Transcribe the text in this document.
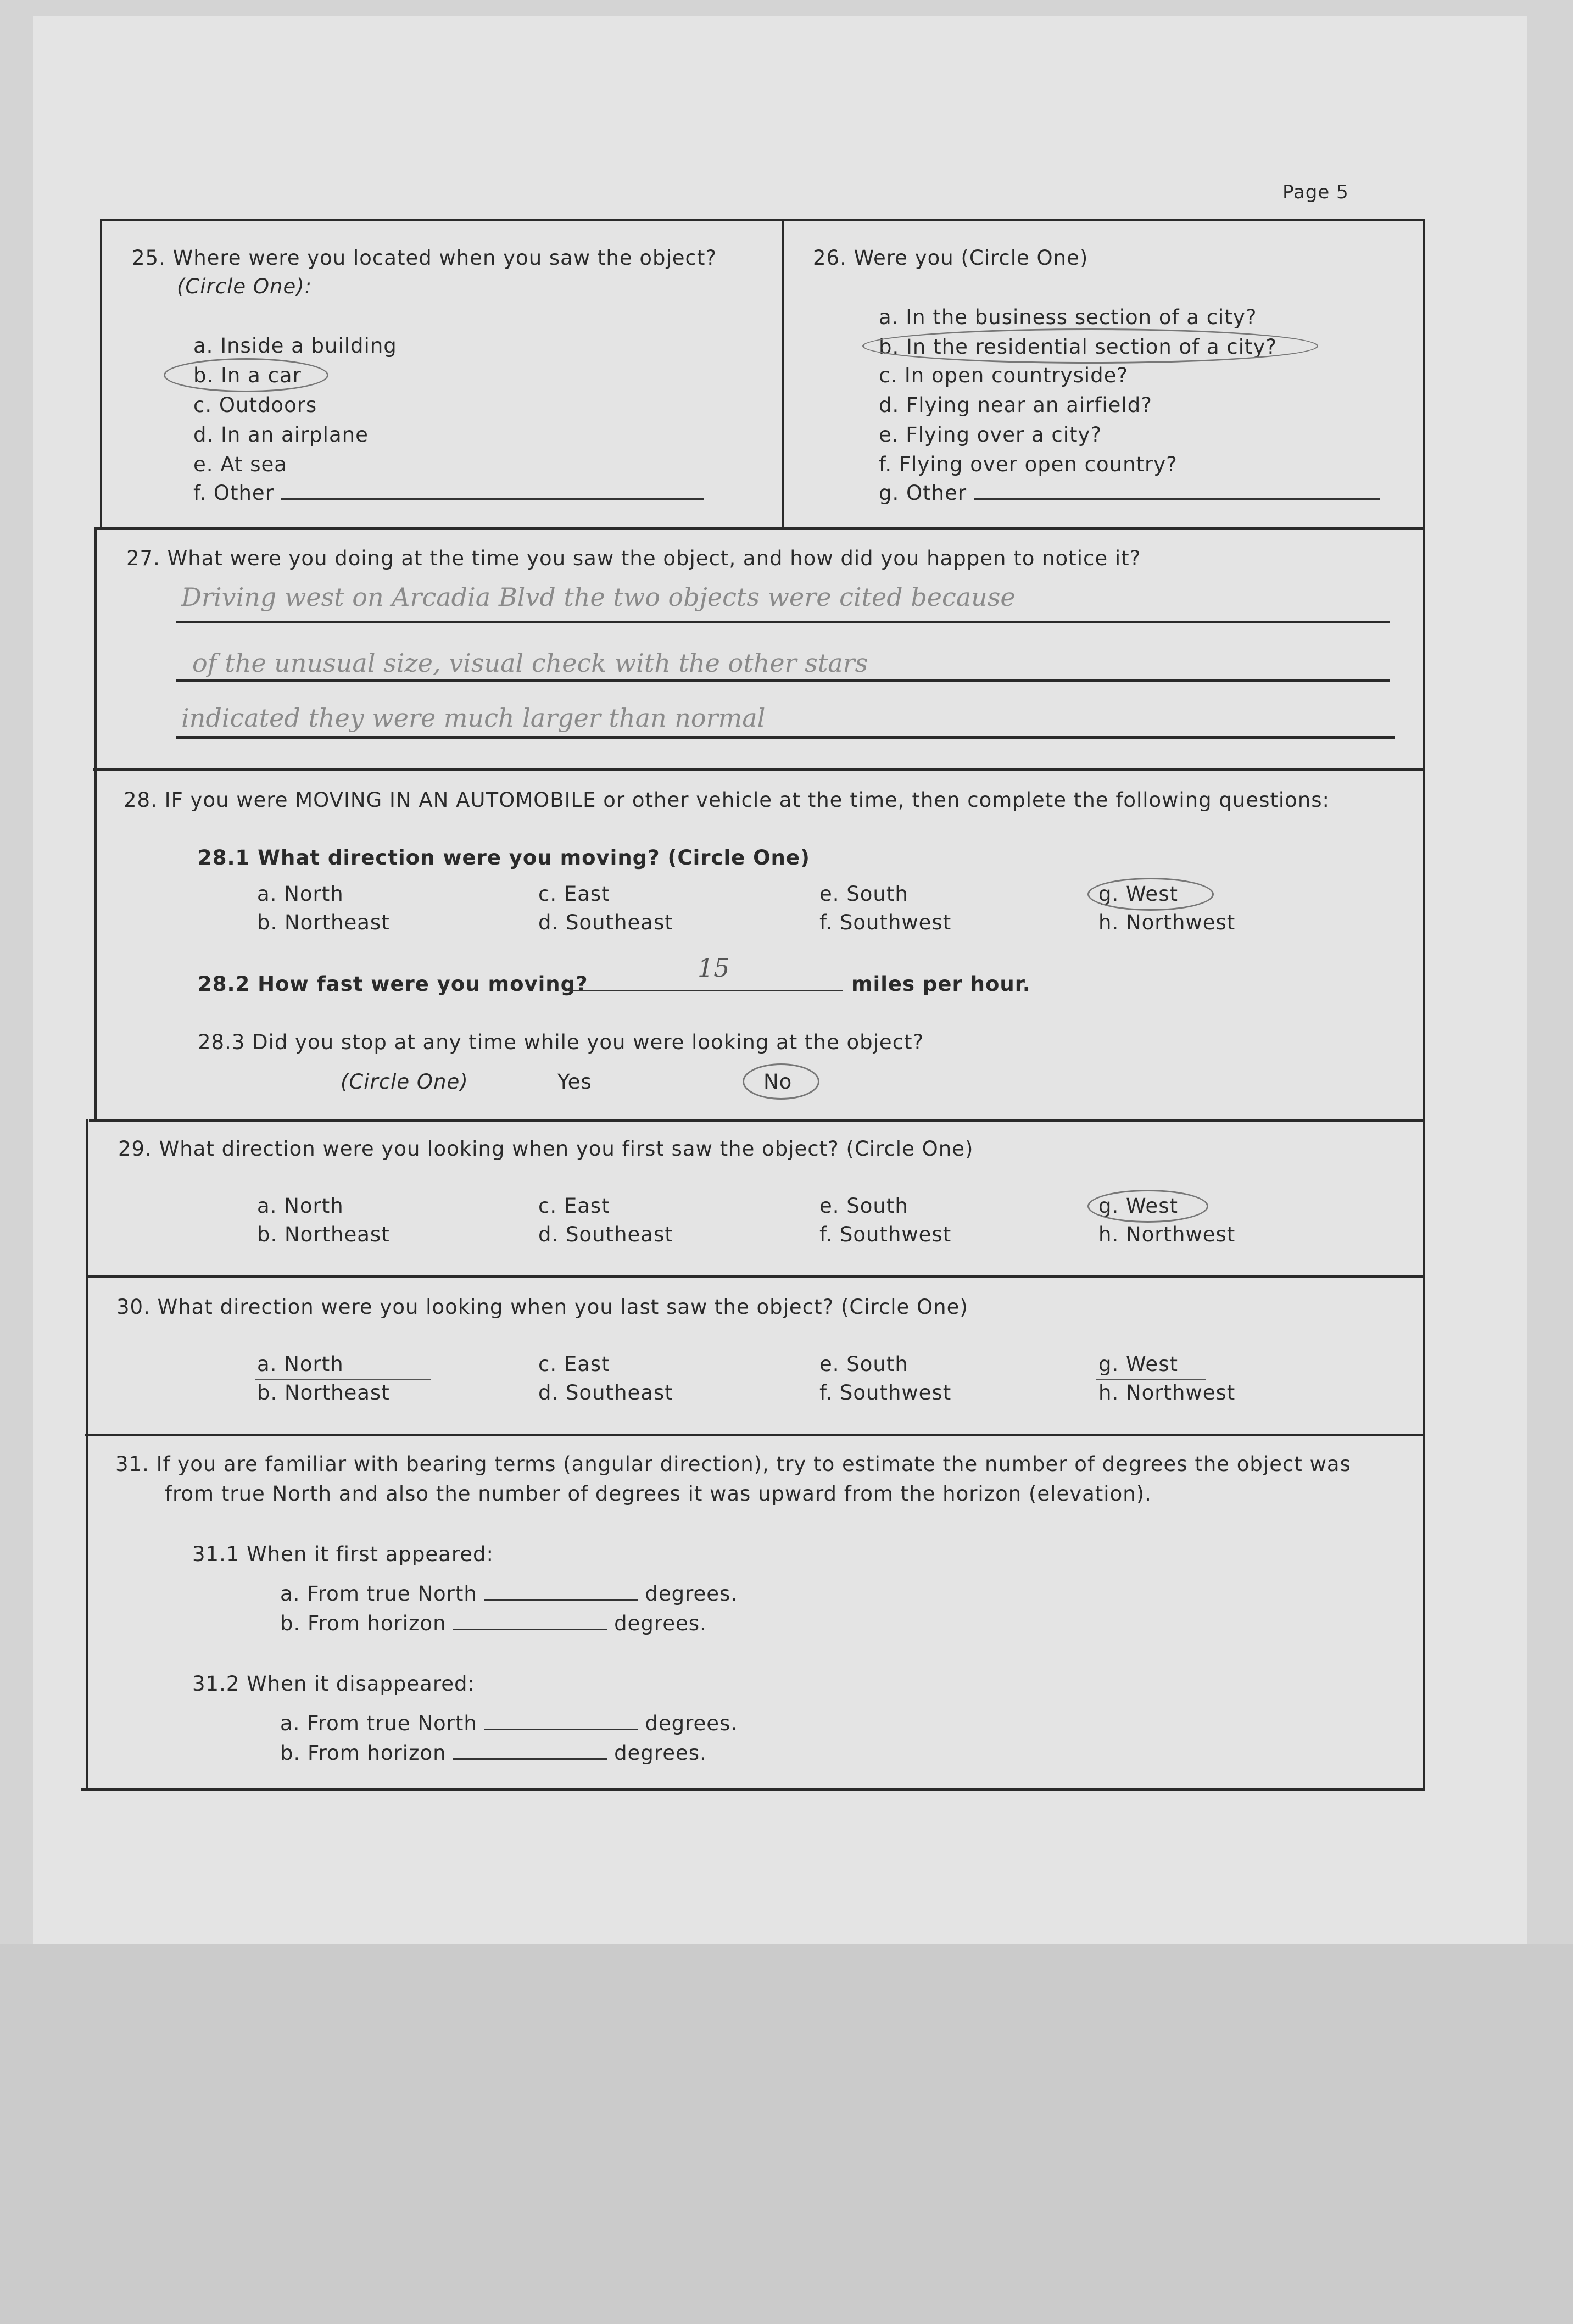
Page 5
25. Where were you located when you saw the object?
(Circle One):
a. Inside a building
b. In a car
c. Outdoors
d. In an airplane
e. At sea
f. Other
26. Were you (Circle One)
a. In the business section of a city?
b. In the residential section of a city?
c. In open countryside?
d. Flying near an airfield?
e. Flying over a city?
f. Flying over open country?
g. Other
27. What were you doing at the time you saw the object, and how did you happen to notice it?
Driving west on Arcadia Blvd the two objects were cited because
of the unusual size, visual check with the other stars
indicated they were much larger than normal
28. IF you were MOVING IN AN AUTOMOBILE or other vehicle at the time, then complete the following questions:
28.1 What direction were you moving? (Circle One)
a. North	c. East	e. South	g. West
b. Northeast	d. Southeast	f. Southwest	h. Northwest
28.2 How fast were you moving?
15
miles per hour.
28.3 Did you stop at any time while you were looking at the object?
(Circle One)	Yes	No
29. What direction were you looking when you first saw the object? (Circle One)
a. North	c. East	e. South	g. West
b. Northeast	d. Southeast	f. Southwest	h. Northwest
30. What direction were you looking when you last saw the object? (Circle One)
a. North	c. East	e. South	g. West
b. Northeast	d. Southeast	f. Southwest	h. Northwest
31. If you are familiar with bearing terms (angular direction), try to estimate the number of degrees the object was
from true North and also the number of degrees it was upward from the horizon (elevation).
31.1 When it first appeared:
a. From true North	degrees.
b. From horizon	degrees.
31.2 When it disappeared:
a. From true North	degrees.
b. From horizon	degrees.
